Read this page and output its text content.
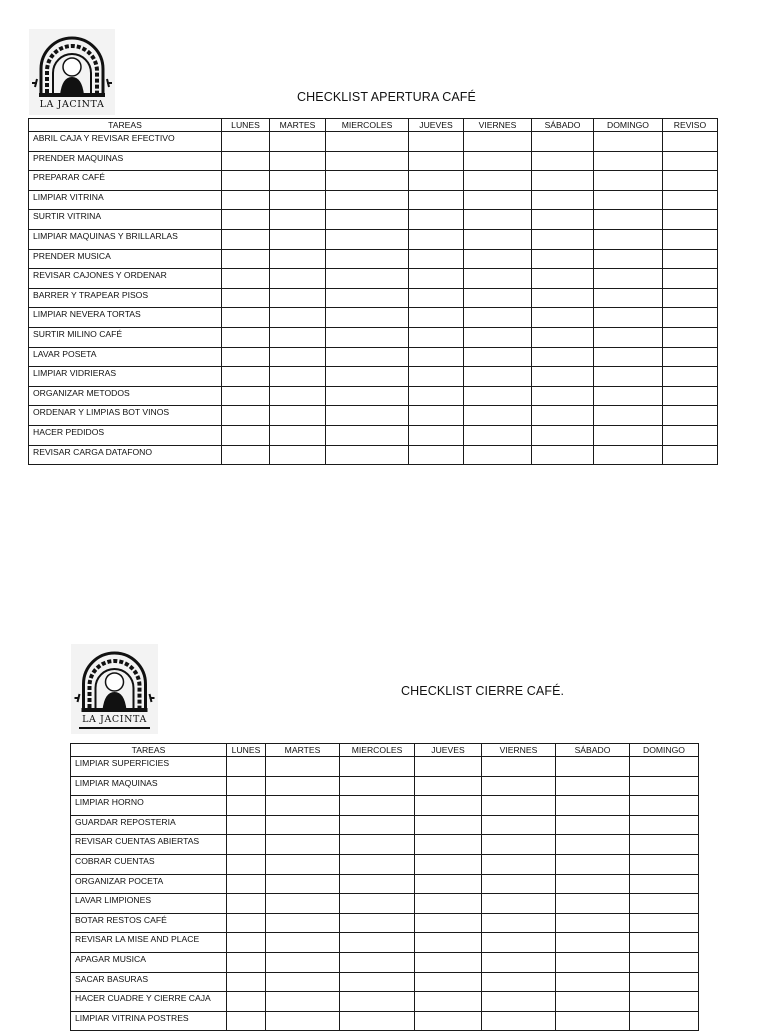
LA JACINTA
CHECKLIST APERTURA CAFÉ
TAREAS	LUNES	MARTES	MIERCOLES	JUEVES	VIERNES	SÁBADO	DOMINGO	REVISO
ABRIL CAJA Y REVISAR EFECTIVO								
PRENDER MAQUINAS								
PREPARAR CAFÉ								
LIMPIAR VITRINA								
SURTIR VITRINA								
LIMPIAR MAQUINAS Y BRILLARLAS								
PRENDER MUSICA								
REVISAR CAJONES Y ORDENAR								
BARRER Y TRAPEAR PISOS								
LIMPIAR NEVERA TORTAS								
SURTIR MILINO CAFÉ								
LAVAR POSETA								
LIMPIAR VIDRIERAS								
ORGANIZAR METODOS								
ORDENAR Y LIMPIAS BOT VINOS								
HACER PEDIDOS								
REVISAR CARGA DATAFONO								
LA JACINTA
CHECKLIST CIERRE CAFÉ.
TAREAS	LUNES	MARTES	MIERCOLES	JUEVES	VIERNES	SÁBADO	DOMINGO
LIMPIAR SUPERFICIES							
LIMPIAR MAQUINAS							
LIMPIAR HORNO							
GUARDAR REPOSTERIA							
REVISAR CUENTAS ABIERTAS							
COBRAR CUENTAS							
ORGANIZAR POCETA							
LAVAR LIMPIONES							
BOTAR RESTOS CAFÉ							
REVISAR LA MISE AND PLACE							
APAGAR MUSICA							
SACAR BASURAS							
HACER CUADRE Y CIERRE CAJA							
LIMPIAR VITRINA POSTRES							
